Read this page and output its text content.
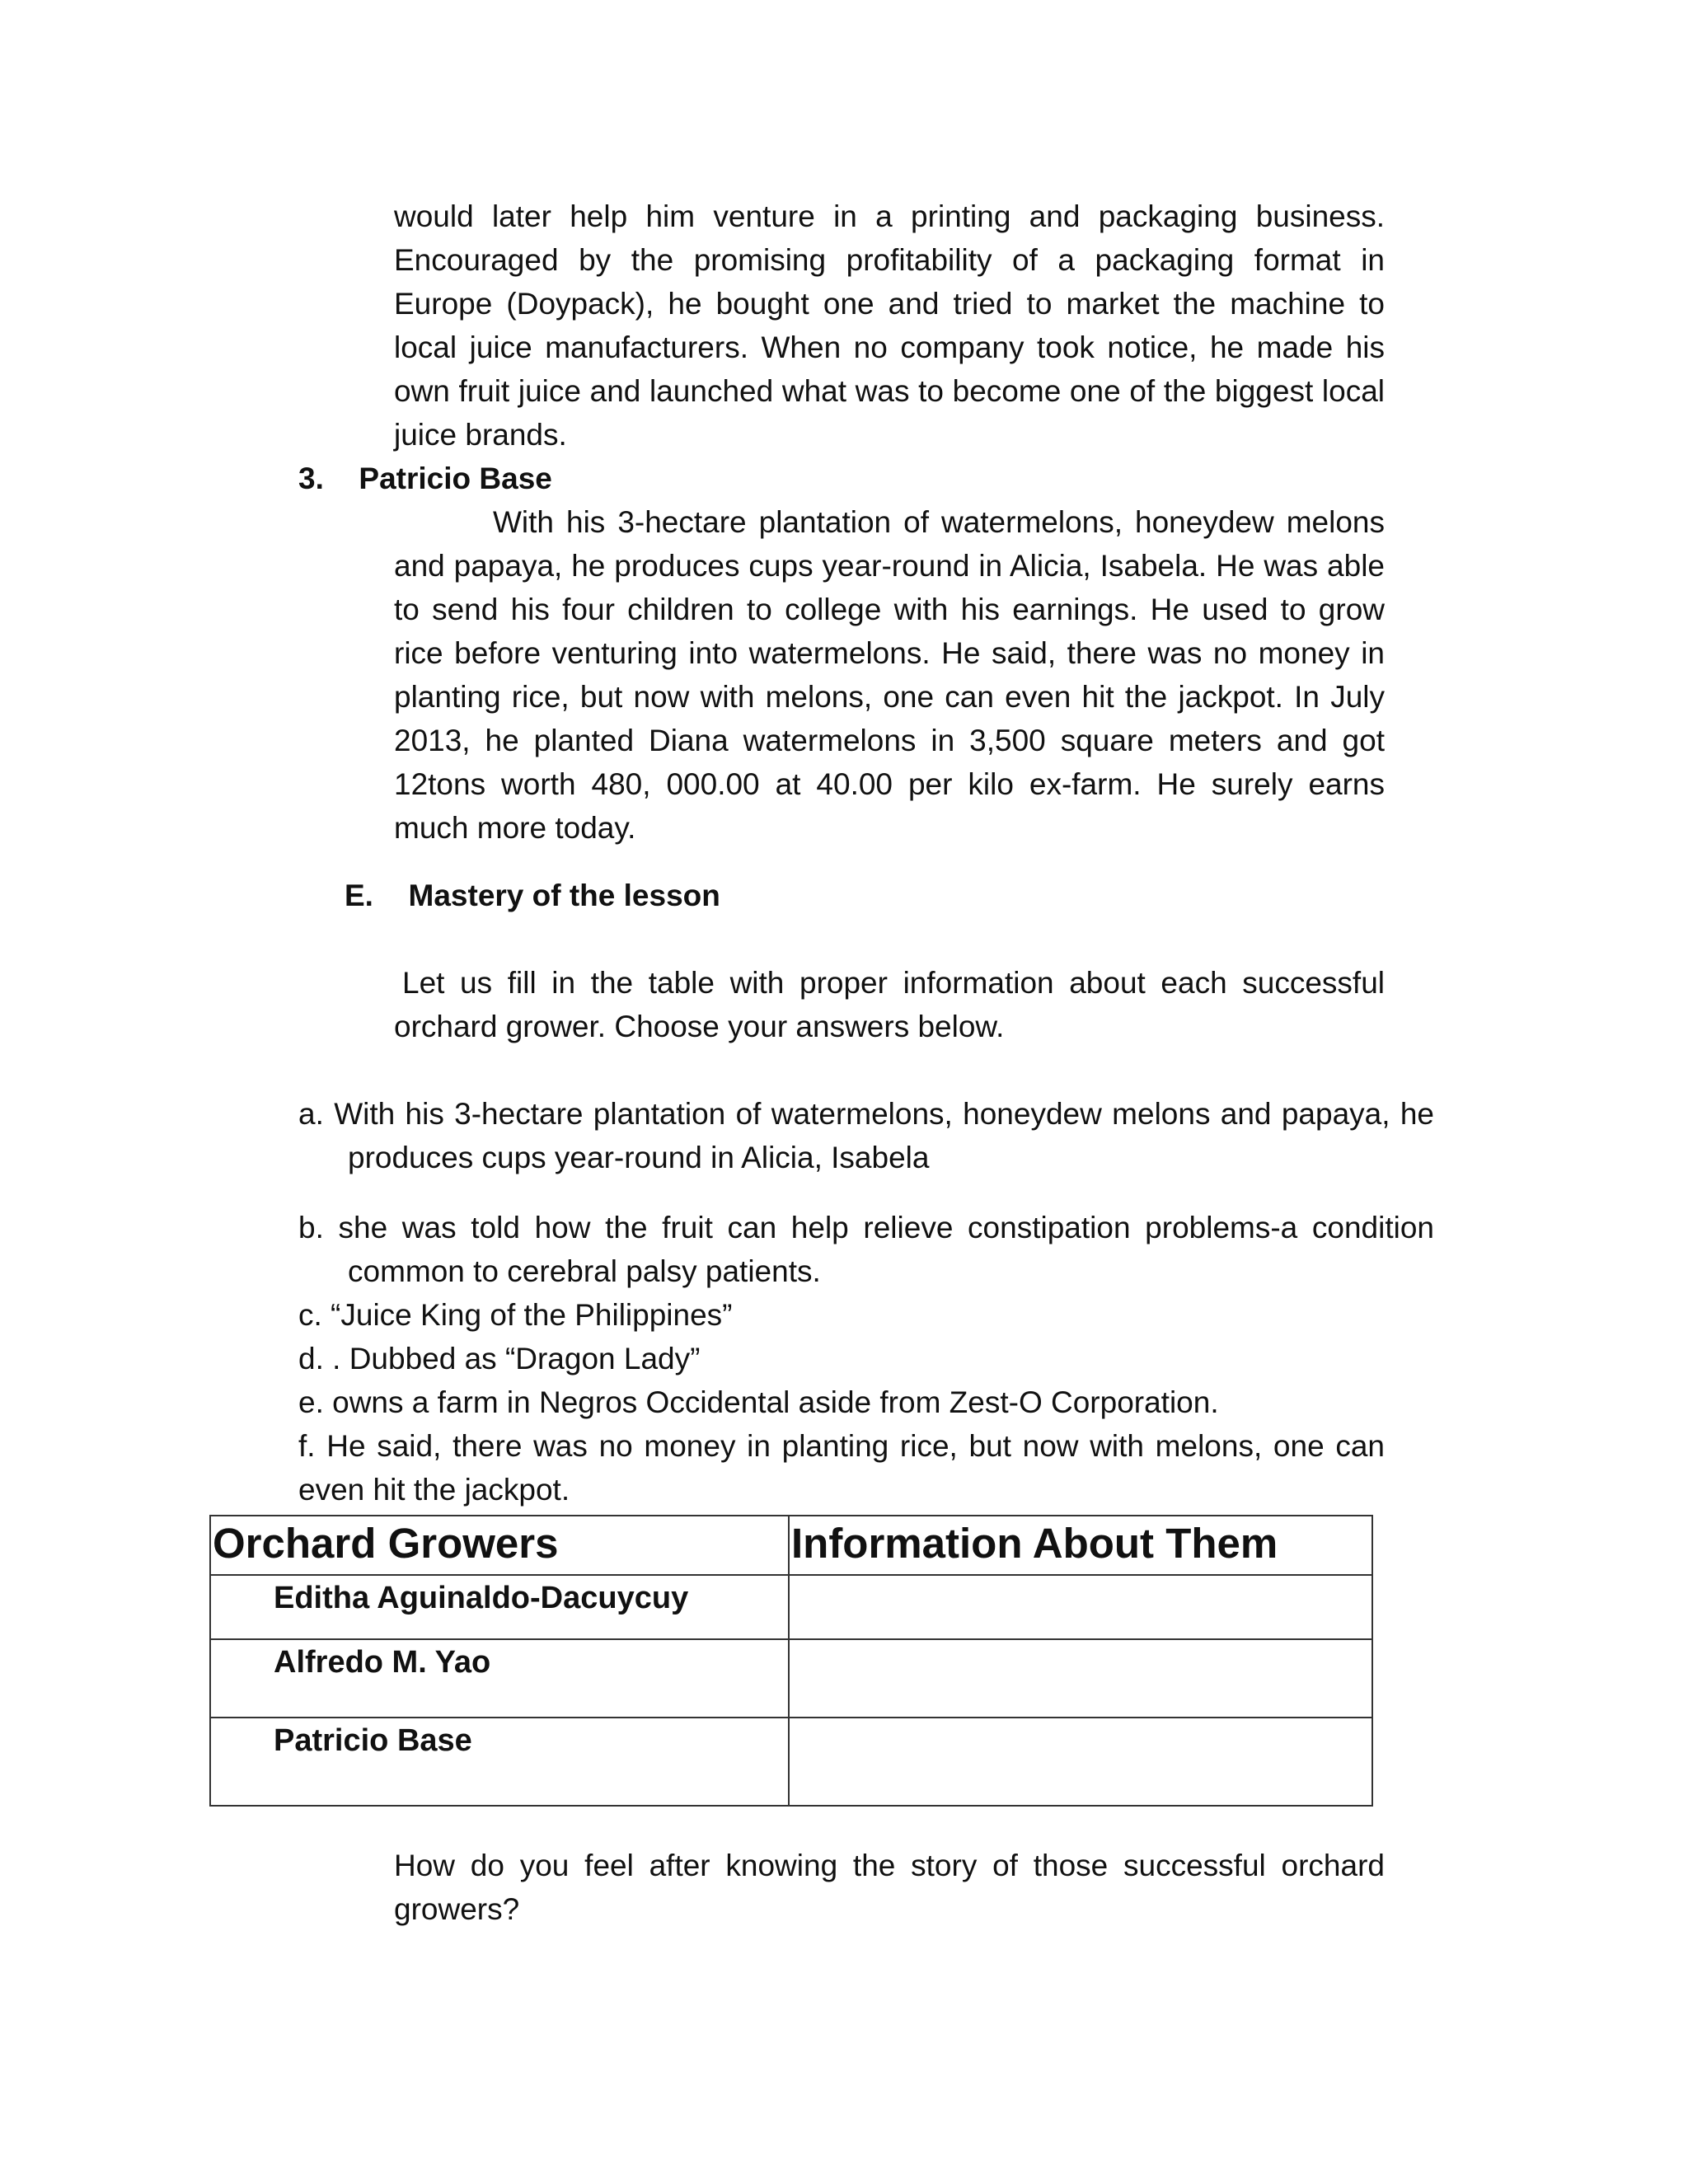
would later help him venture in a printing and packaging business. Encouraged by the promising profitability of a packaging format in Europe (Doypack), he bought one and tried to market the machine to local juice manufacturers. When no company took notice, he made his own fruit juice and launched what was to become one of the biggest local juice brands.

3. Patricio Base

With his 3-hectare plantation of watermelons, honeydew melons and papaya, he produces cups year-round in Alicia, Isabela. He was able to send his four children to college with his earnings. He used to grow rice before venturing into watermelons. He said, there was no money in planting rice, but now with melons, one can even hit the jackpot. In July 2013, he planted Diana watermelons in 3,500 square meters and got 12tons worth 480, 000.00 at 40.00 per kilo ex-farm. He surely earns much more today.

E. Mastery of the lesson

Let us fill in the table with proper information about each successful orchard grower. Choose your answers below.

a. With his 3-hectare plantation of watermelons, honeydew melons and papaya, he produces cups year-round in Alicia, Isabela

b. she was told how the fruit can help relieve constipation problems-a condition common to cerebral palsy patients.

c. “Juice King of the Philippines”

d. . Dubbed as “Dragon Lady”

e. owns a farm in Negros Occidental aside from Zest-O Corporation.

f. He said, there was no money in planting rice, but now with melons, one can even hit the jackpot.

Orchard Growers	Information About Them
Editha Aguinaldo-Dacuycuy	
Alfredo M. Yao	
Patricio Base	

How do you feel after knowing the story of those successful orchard growers?
